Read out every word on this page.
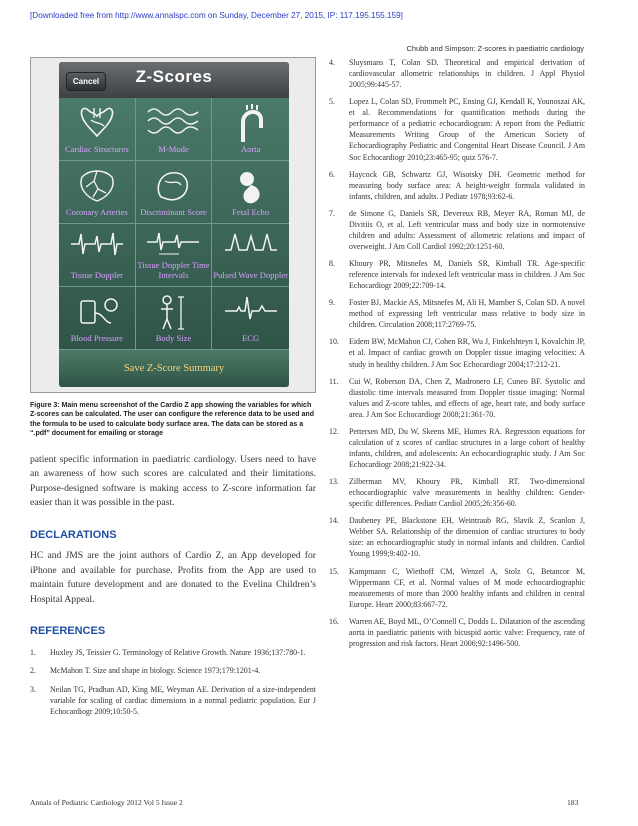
[Downloaded free from http://www.annalspc.com on Sunday, December 27, 2015, IP: 117.195.155.159]
Chubb and Simpson: Z-scores in paediatric cardiology
Cancel	Z-Scores
Cardiac Structures	M-Mode	Aorta
Coronary Arteries Discriminant Score	Fetal Echo
Tissue Doppler
Tissue Doppler Time Intervals	Pulsed Wave Doppler
Blood Pressure	Body Size	ECG
Save Z-Score Summary
Figure 3: Main menu screenshot of the Cardio Z app showing the variables for which Z-scores can be calculated. The user can configure the reference data to be used and the formula to be used to calculate body surface area. The data can be stored as a “.pdf” document for emailing or storage
patient specific information in paediatric cardiology. Users need to have an awareness of how such scores are calculated and their limitations. Purpose-designed software is making access to Z-score information far easier than it was possible in the past.
DECLARATIONS
HC and JMS are the joint authors of Cardio Z, an App developed for iPhone and available for purchase. Profits from the App are used to maintain future development and are donated to the Evelina Children’s Hospital Appeal.
REFERENCES
1.	Huxley JS, Teissier G. Terminology of Relative Growth. Nature 1936;137:780-1.
2.	McMahon T. Size and shape in biology. Science 1973;179:1201-4.
3.	Neilan TG, Pradhan AD, King ME, Weyman AE. Derivation of a size-independent variable for scaling of cardiac dimensions in a normal pediatric population. Eur J Echocardiogr 2009;10:50-5.
4.	Sluysmans T, Colan SD. Theoretical and empirical derivation of cardiovascular allometric relationships in children. J Appl Physiol 2005;99:445-57.
5.	Lopez L, Colan SD, Frommelt PC, Ensing GJ, Kendall K, Younoszai AK, et al. Recommendations for quantification methods during the performance of a pediatric echocardiogram: A report from the Pediatric Measurements Writing Group of the American Society of Echocardiography Pediatric and Congenital Heart Disease Council. J Am Soc Echocardiogr 2010;23:465-95; quiz 576-7.
6.	Haycock GB, Schwartz GJ, Wisotsky DH. Geometric method for measuring body surface area: A height-weight formula validated in infants, children, and adults. J Pediatr 1978;93:62-6.
7.	de Simone G, Daniels SR, Devereux RB, Meyer RA, Roman MJ, de Divitiis O, et al. Left ventricular mass and body size in normotensive children and adults: Assessment of allometric relations and impact of overweight. J Am Coll Cardiol 1992;20:1251-60.
8.	Khoury PR, Mitsnefes M, Daniels SR, Kimball TR. Age-specific reference intervals for indexed left ventricular mass in children. J Am Soc Echocardiogr 2009;22:709-14.
9.	Foster BJ, Mackie AS, Mitsnefes M, Ali H, Mamber S, Colan SD. A novel method of expressing left ventricular mass relative to body size in children. Circulation 2008;117:2769-75.
10.	Eidem BW, McMahon CJ, Cohen RR, Wu J, Finkelshteyn I, Kovalchin JP, et al. Impact of cardiac growth on Doppler tissue imaging velocities: A study in healthy children. J Am Soc Echocardiogr 2004;17:212-21.
11.	Cui W, Roberson DA, Chen Z, Madronero LF, Cuneo BF. Systolic and diastolic time intervals measured from Doppler tissue imaging: Normal values and Z-score tables, and effects of age, heart rate, and body surface area. J Am Soc Echocardiogr 2008;21:361-70.
12.	Pettersen MD, Du W, Skeens ME, Humes RA. Regression equations for calculation of z scores of cardiac structures in a large cohort of healthy infants, children, and adolescents: An echocardiographic study. J Am Soc Echocardiogr 2008;21:922-34.
13.	Zilberman MV, Khoury PR, Kimball RT. Two-dimensional echocardiographic valve measurements in healthy children: Gender-specific differences. Pediatr Cardiol 2005;26:356-60.
14.	Daubeney PE, Blackstone EH, Weintraub RG, Slavik Z, Scanlon J, Webber SA. Relationship of the dimension of cardiac structures to body size: an echocardiographic study in normal infants and children. Cardiol Young 1999;9:402-10.
15.	Kampmann C, Wiethoff CM, Wenzel A, Stolz G, Betancor M, Wippermann CF, et al. Normal values of M mode echocardiographic measurements of more than 2000 healthy infants and children in central Europe. Heart 2000;83:667-72.
16.	Warren AE, Boyd ML, O’Connell C, Dodds L. Dilatation of the ascending aorta in paediatric patients with bicuspid aortic valve: Frequency, rate of progression and risk factors. Heart 2006;92:1496-500.
Annals of Pediatric Cardiology 2012 Vol 5 Issue 2	183
